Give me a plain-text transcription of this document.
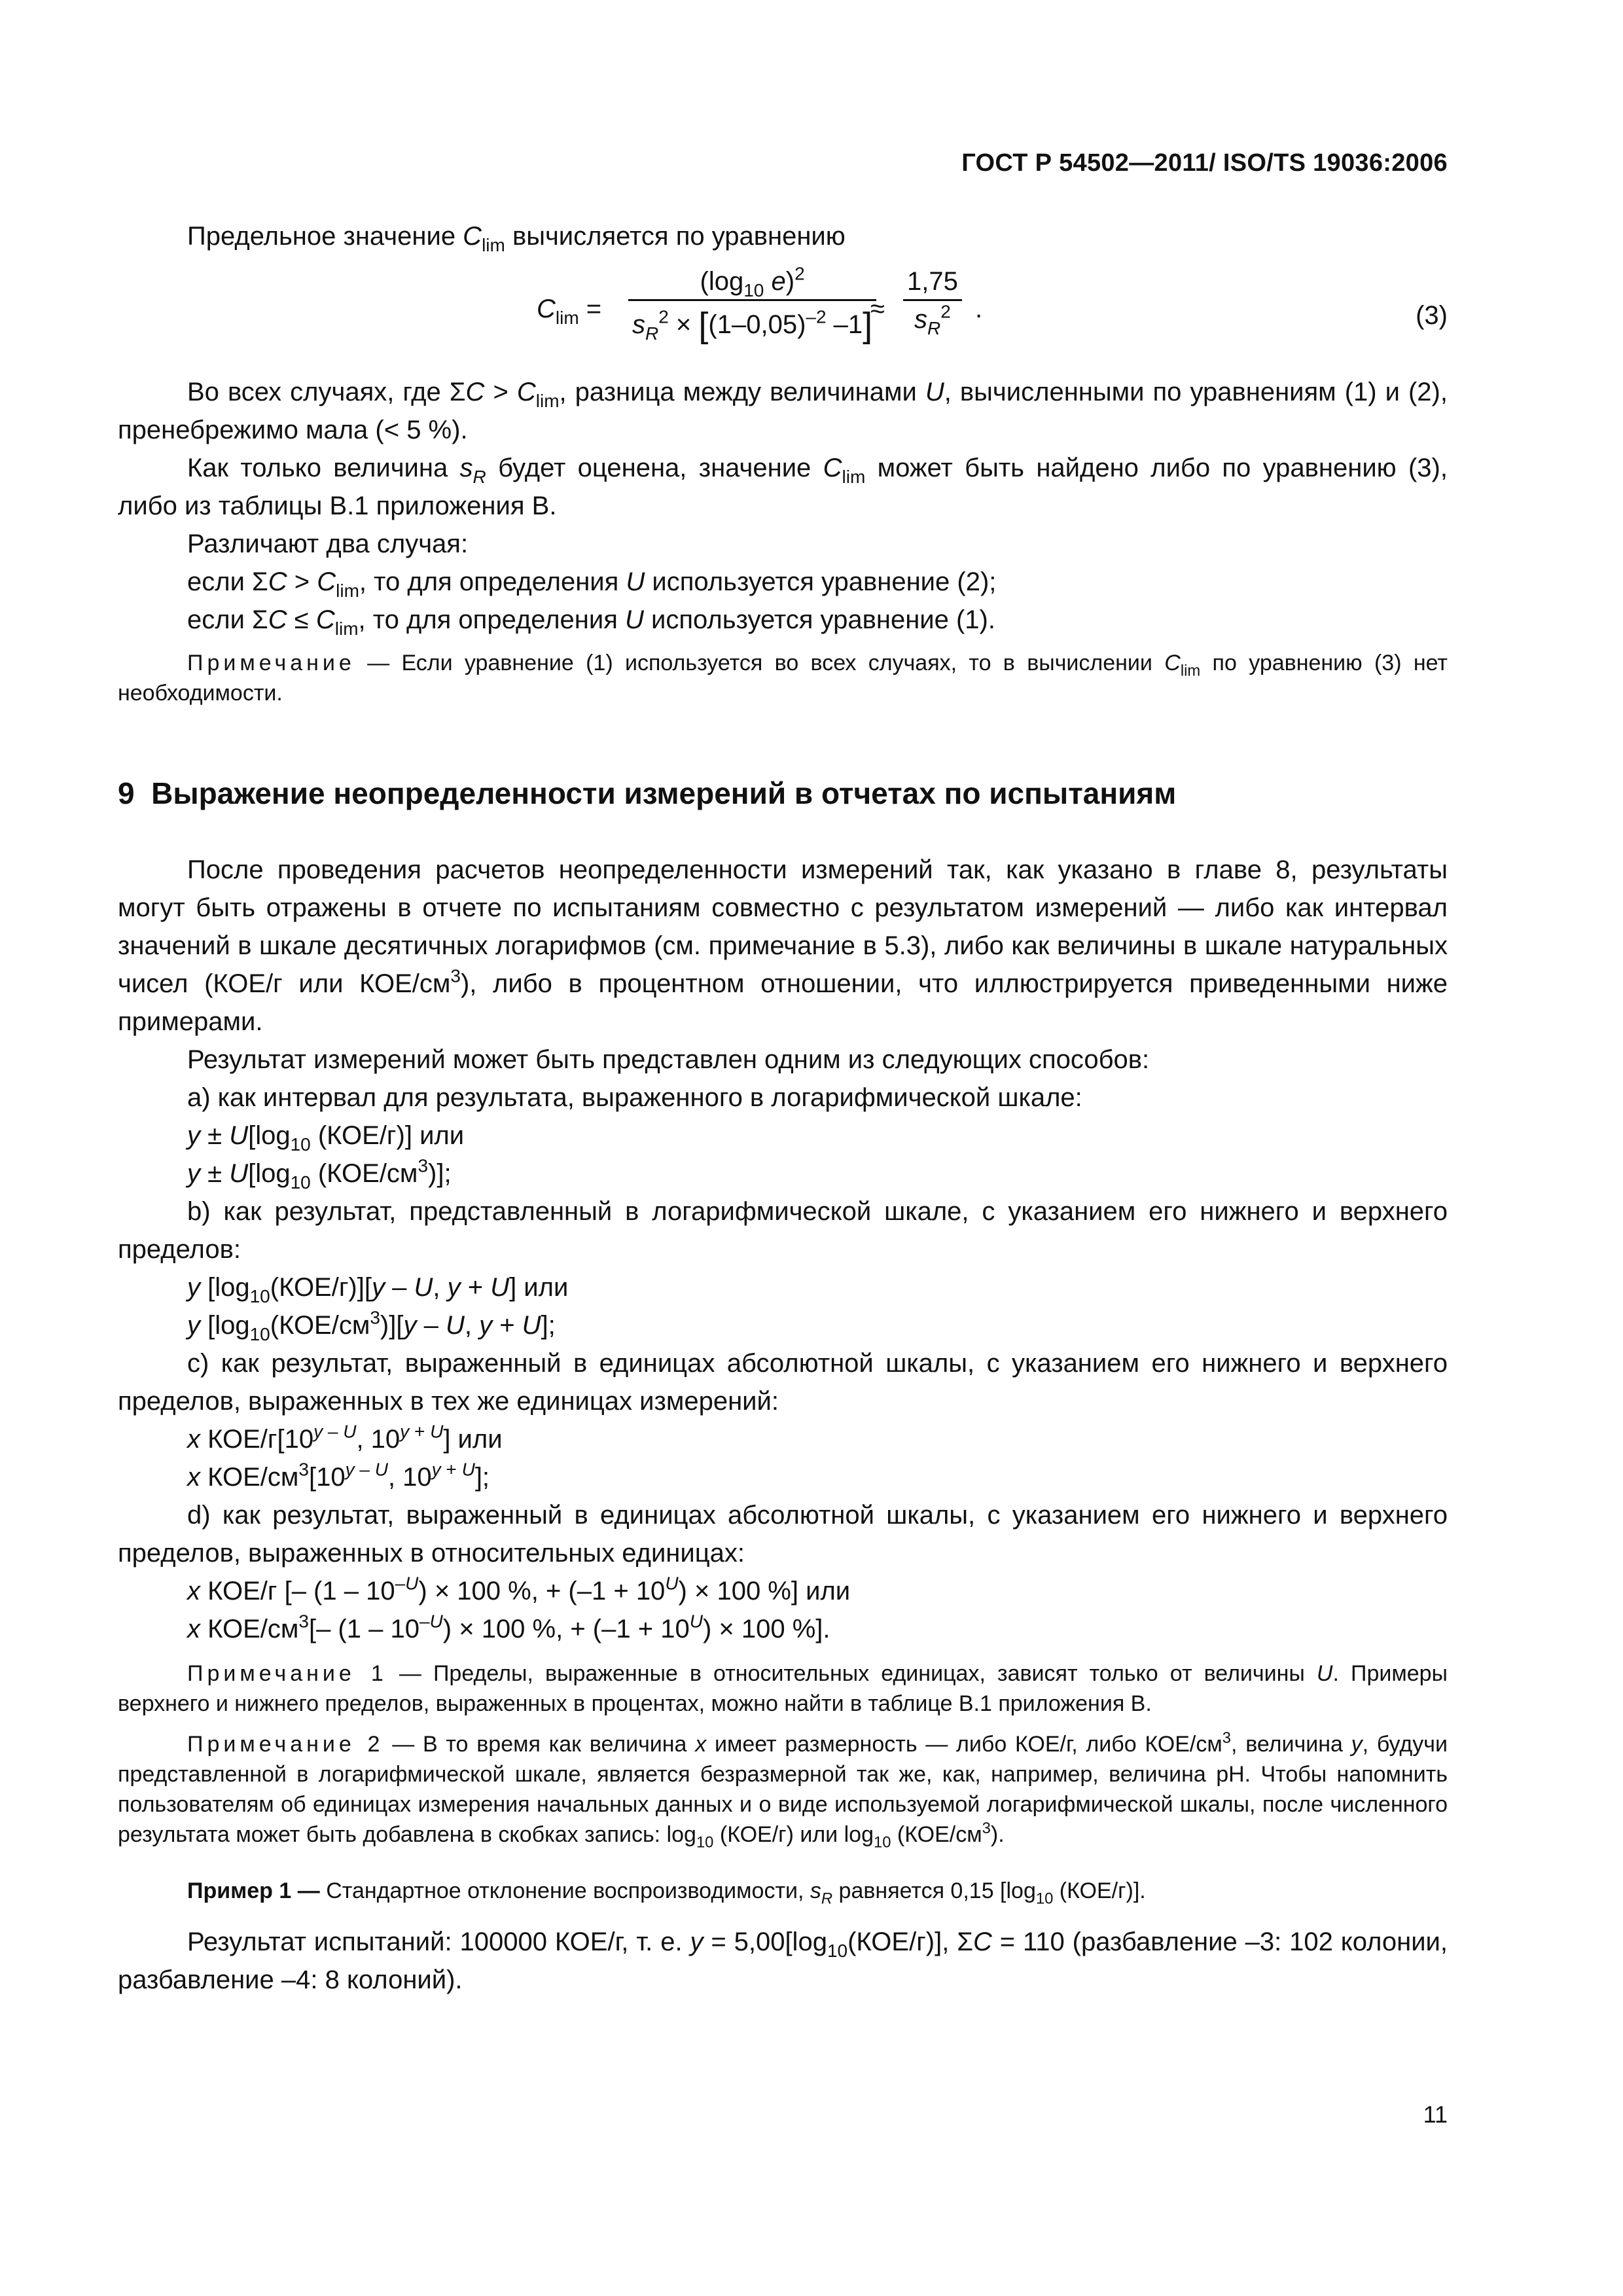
ГОСТ Р 54502—2011/ ISO/TS 19036:2006

Предельное значение $C_{lim}$ вычисляется по уравнению

$C_{lim} = \frac{(\log_{10} e)^2}{s_R^2 \times [(1-0,05)^{-2} -1]}$
≈ $\frac{1,75}{s_R^2}$ .	(3)

Во всех случаях, где $\Sigma C > C_{lim}$, разница между величинами U, вычисленными по уравнениям (1) и (2), пренебрежимо мала (< 5 %).

Как только величина $s_R$ будет оценена, значение $C_{lim}$ может быть найдено либо по уравнению (3), либо из таблицы В.1 приложения В.

Различают два случая:

если $\Sigma C > C_{lim}$, то для определения U используется уравнение (2);

если $\Sigma C \le C_{lim}$, то для определения U используется уравнение (1).

Примечание — Если уравнение (1) используется во всех случаях, то в вычислении $C_{lim}$ по уравнению (3) нет необходимости.

9 Выражение неопределенности измерений в отчетах по испытаниям

После проведения расчетов неопределенности измерений так, как указано в главе 8, результаты могут быть отражены в отчете по испытаниям совместно с результатом измерений — либо как интервал значений в шкале десятичных логарифмов (см. примечание в 5.3), либо как величины в шкале натуральных чисел (КОЕ/г или КОЕ/$см^3$), либо в процентном отношении, что иллюстрируется приведенными ниже примерами.

Результат измерений может быть представлен одним из следующих способов:

a) как интервал для результата, выраженного в логарифмической шкале:

$y \pm U[\log_{10}$ (КОЕ/г)] или

$y \pm U[\log_{10}$ $(КОЕ/см^3)$];

b) как результат, представленный в логарифмической шкале, с указанием его нижнего и верхнего пределов:

y $[\log_{10}(КОЕ/г)][y$ – U, y + U] или

y $[\log_{10}(КОЕ/см^3)][y$ – U, y + U];

c) как результат, выраженный в единицах абсолютной шкалы, с указанием его нижнего и верхнего пределов, выраженных в тех же единицах измерений:

x КОЕ/$г[10^{y - U}$, $10^{y + U}$] или

x КОЕ/$см^3[10^{y - U}$, $10^{y + U}$];

d) как результат, выраженный в единицах абсолютной шкалы, с указанием его нижнего и верхнего пределов, выраженных в относительных единицах:

x КОЕ/г [– $(1 - 10^{-U}) \times 100$ %, + $(-1 + 10^U) \times 100$ %] или

x КОЕ/$см^3[-$ $(1 - 10^{-U}) \times 100$ %, + $(-1 + 10^U) \times 100$ %].

Примечание 1 — Пределы, выраженные в относительных единицах, зависят только от величины U. Примеры верхнего и нижнего пределов, выраженных в процентах, можно найти в таблице В.1 приложения В.

Примечание 2 — В то время как величина x имеет размерность — либо КОЕ/г, либо КОЕ/$см^3$, величина y, будучи представленной в логарифмической шкале, является безразмерной так же, как, например, величина pH. Чтобы напомнить пользователям об единицах измерения начальных данных и о виде используемой логарифмической шкалы, после численного результата может быть добавлена в скобках запись: $\log_{10} (КОЕ/г)$ или $\log_{10} (КОЕ/см^3)$.

Пример 1 — Стандартное отклонение воспроизводимости, $s_R$ равняется 0,15 [$\log_{10}$ (КОЕ/г)].

Результат испытаний: 100000 КОЕ/г, т. е. $y = 5,00[\log_{10}(КОЕ/г)]$, ΣC = 110 (разбавление –3: 102 колонии, разбавление –4: 8 колоний).

11
